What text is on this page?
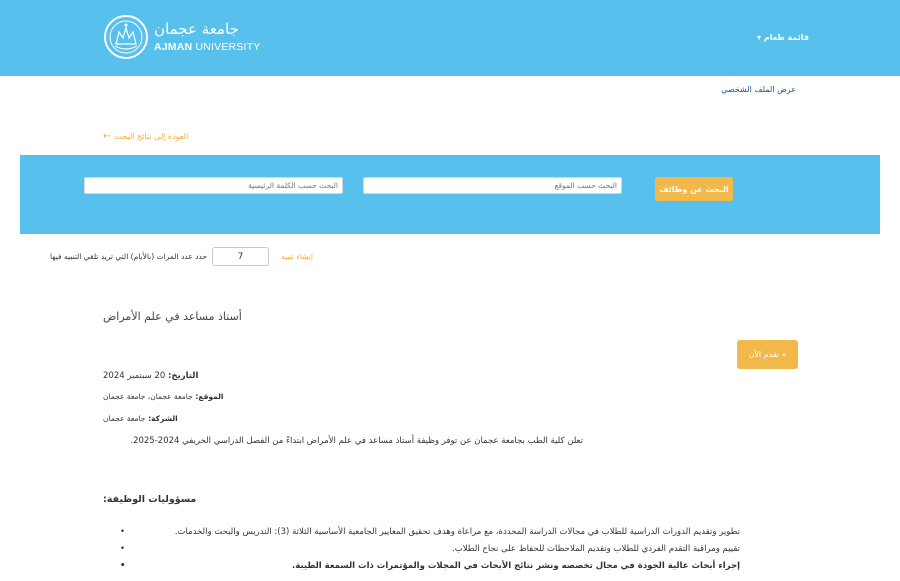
جامعة عجمان
AJMAN UNIVERSITY
قائمة طعام ▾
عرض الملف الشخصي
العودة إلى نتائج البحث
←
البحث عن وظائف
البحث حسب الموقع
البحث حسب الكلمة الرئيسية
إنشاء تنبيه
7
حدد عدد المرات (بالأيام) التي تريد تلقي التنبيه فيها
أستاذ مساعد في علم الأمراض
» تقدم الآن
التاريخ: 20 سبتمبر 2024
الموقع: جامعة عجمان، جامعة عجمان
الشركة: جامعة عجمان
تعلن كلية الطب بجامعة عجمان عن توفر وظيفة أستاذ مساعد في علم الأمراض ابتداءً من الفصل الدراسي الخريفي 2024-2025.
مسؤوليات الوظيفة:
• تطوير وتقديم الدورات الدراسية للطلاب في مجالات الدراسة المحددة، مع مراعاة وهدف تحقيق المعايير الجامعية الأساسية الثلاثة (3): التدريس والبحث والخدمات.
• تقييم ومراقبة التقدم الفردي للطلاب وتقديم الملاحظات للحفاظ على نجاح الطلاب.
• إجراء أبحاث عالية الجودة في مجال تخصصه ونشر نتائج الأبحاث في المجلات والمؤتمرات ذات السمعة الطيبة.
